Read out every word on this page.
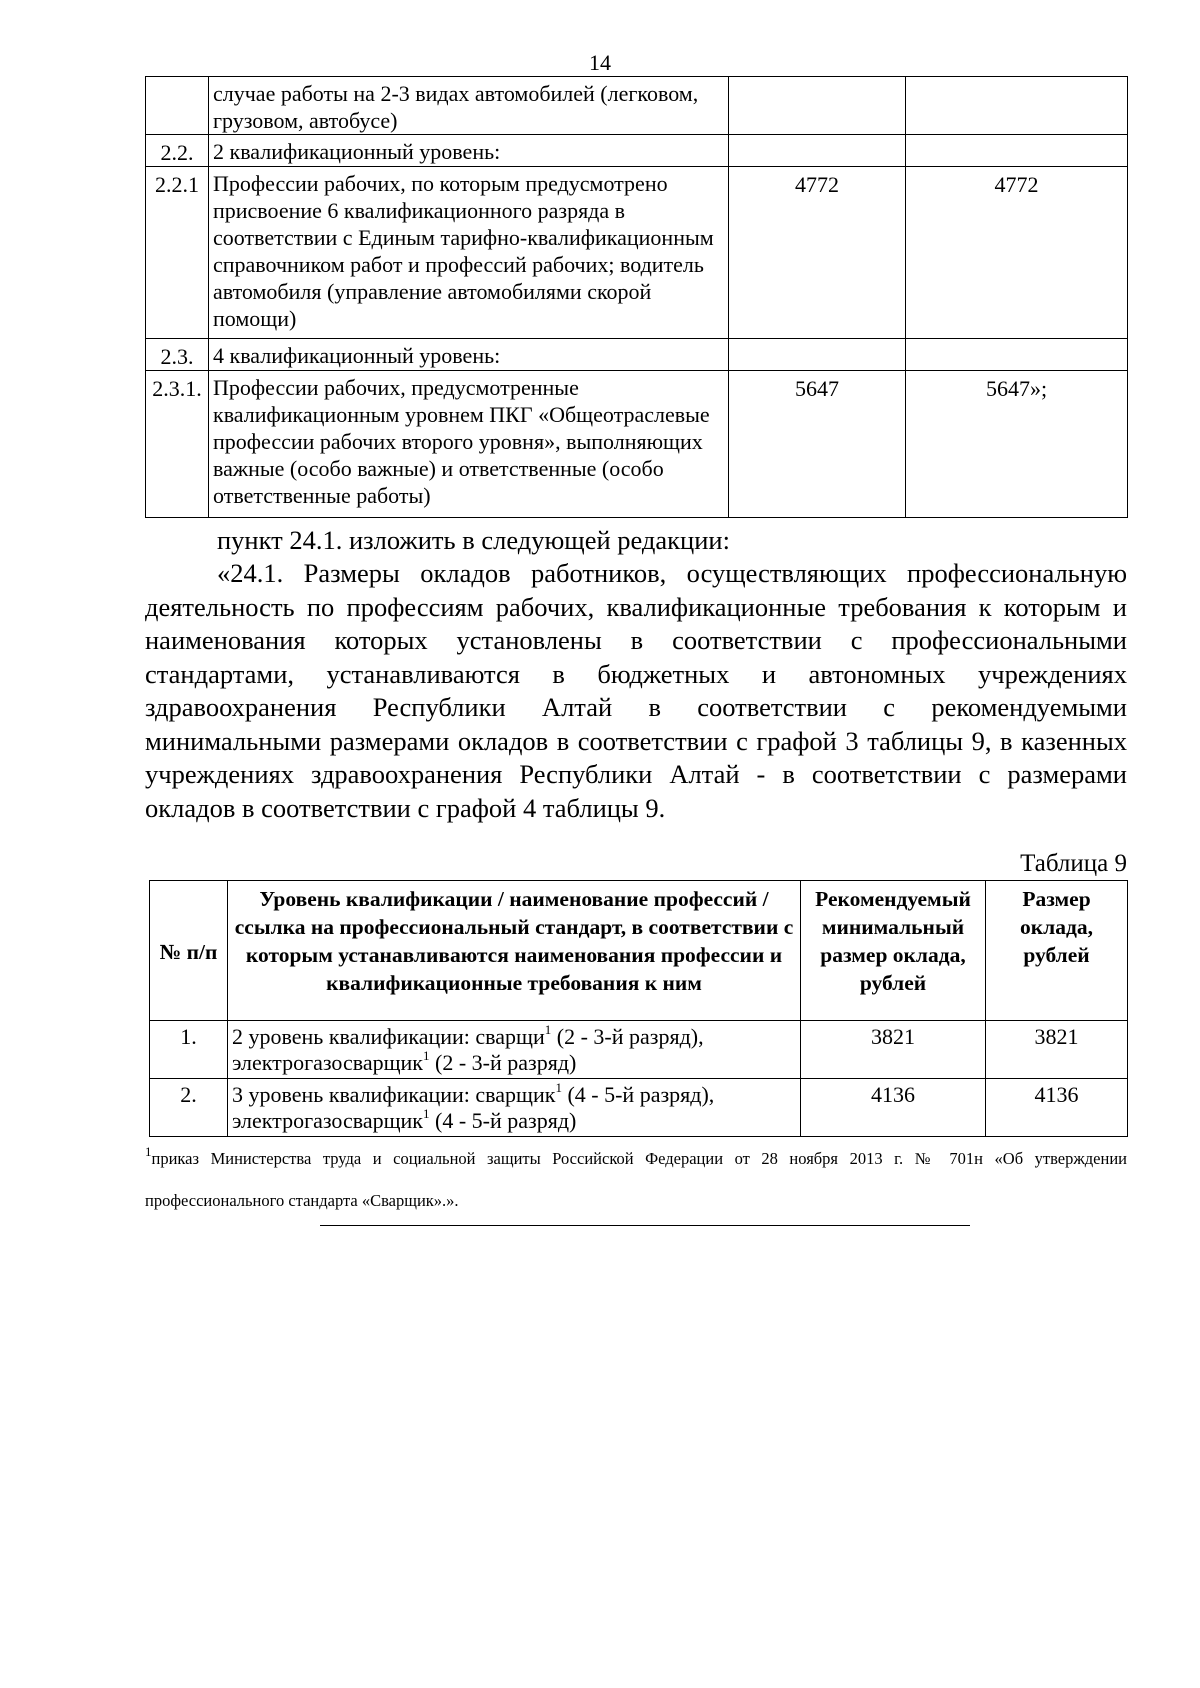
14
	случае работы на 2-3 видах автомобилей (легковом, грузовом, автобусе)		
2.2.	2 квалификационный уровень:		
2.2.1	Профессии рабочих, по которым предусмотрено присвоение 6 квалификационного разряда в соответствии с Единым тарифно-квалификационным справочником работ и профессий рабочих; водитель автомобиля (управление автомобилями скорой помощи)	4772	4772
2.3.	4 квалификационный уровень:		
2.3.1.	Профессии рабочих, предусмотренные квалификационным уровнем ПКГ «Общеотраслевые профессии рабочих второго уровня», выполняющих важные (особо важные) и ответственные (особо ответственные работы)	5647	5647»;
пункт 24.1. изложить в следующей редакции:
«24.1. Размеры окладов работников, осуществляющих профессиональную деятельность по профессиям рабочих, квалификационные требования к которым и наименования которых установлены в соответствии с профессиональными стандартами, устанавливаются в бюджетных и автономных учреждениях здравоохранения Республики Алтай в соответствии с рекомендуемыми минимальными размерами окладов в соответствии с графой 3 таблицы 9, в казенных учреждениях здравоохранения Республики Алтай - в соответствии с размерами окладов в соответствии с графой 4 таблицы 9.
Таблица 9
№ п/п	Уровень квалификации / наименование профессий / ссылка на профессиональный стандарт, в соответствии с которым устанавливаются наименования профессии и квалификационные требования к ним	Рекомендуемый минимальный размер оклада, рублей	Размер оклада, рублей
1.	2 уровень квалификации: сварщи$^1$ (2 - 3-й разряд), электрогазосварщик$^1$ (2 - 3-й разряд)	3821	3821
2.	3 уровень квалификации: сварщик$^1$ (4 - 5-й разряд), электрогазосварщик$^1$ (4 - 5-й разряд)	4136	4136
$^1$приказ Министерства труда и социальной защиты Российской Федерации от 28 ноября 2013 г. № 701н «Об утверждении профессионального стандарта «Сварщик».».
